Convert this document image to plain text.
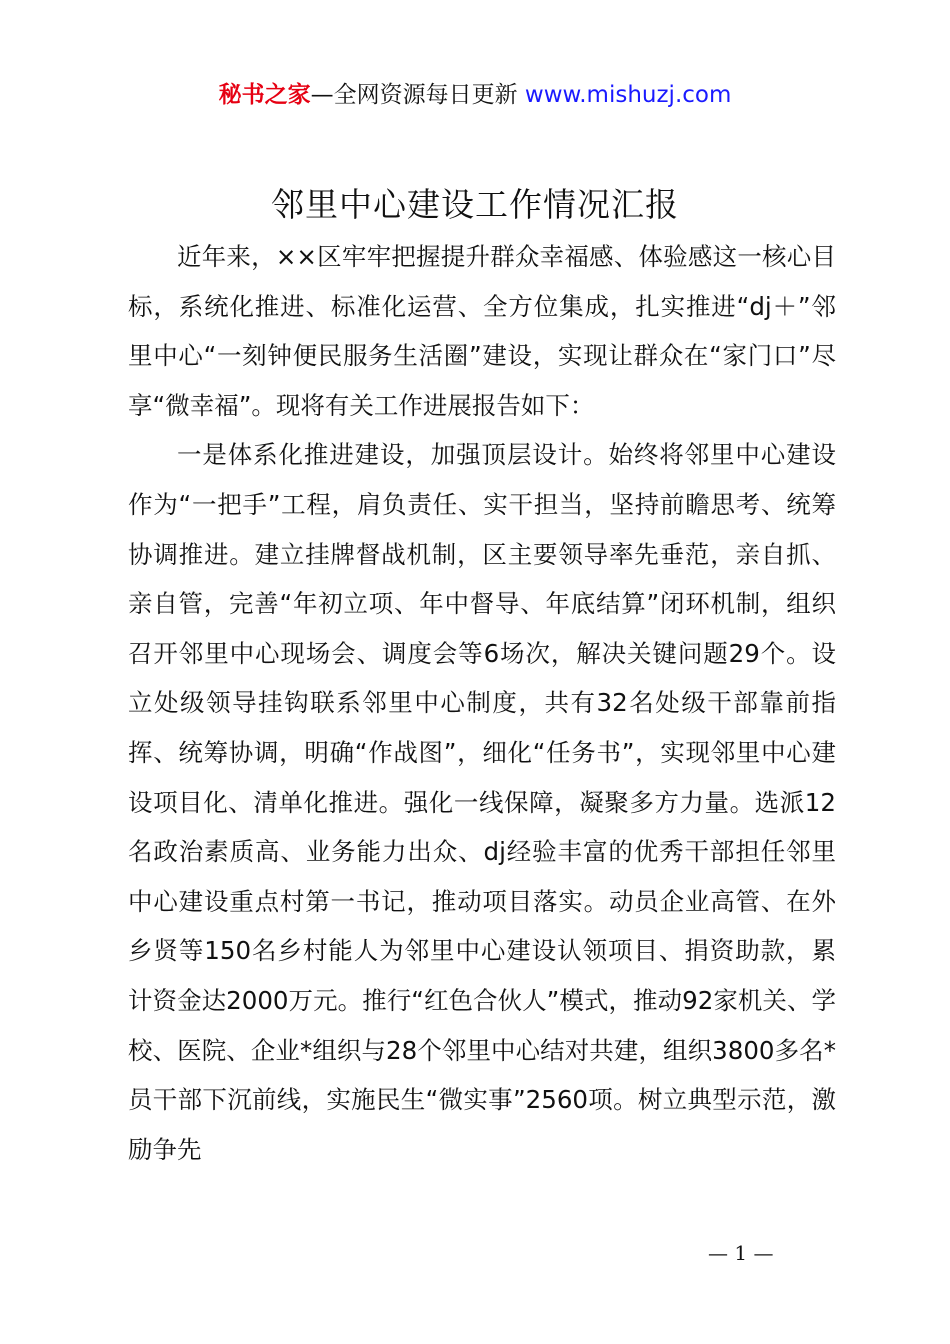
秘书之家—全网资源每日更新 www.mishuzj.com
邻里中心建设工作情况汇报

近年来，××区牢牢把握提升群众幸福感、体验感这一核心目标，系统化推进、标准化运营、全方位集成，扎实推进“dj＋”邻里中心“一刻钟便民服务生活圈”建设，实现让群众在“家门口”尽享“微幸福”。现将有关工作进展报告如下：

一是体系化推进建设，加强顶层设计。始终将邻里中心建设作为“一把手”工程，肩负责任、实干担当，坚持前瞻思考、统筹协调推进。建立挂牌督战机制，区主要领导率先垂范，亲自抓、亲自管，完善“年初立项、年中督导、年底结算”闭环机制，组织召开邻里中心现场会、调度会等6场次，解决关键问题29个。设立处级领导挂钩联系邻里中心制度，共有32名处级干部靠前指挥、统筹协调，明确“作战图”，细化“任务书”，实现邻里中心建设项目化、清单化推进。强化一线保障，凝聚多方力量。选派12名政治素质高、业务能力出众、dj经验丰富的优秀干部担任邻里中心建设重点村第一书记，推动项目落实。动员企业高管、在外乡贤等150名乡村能人为邻里中心建设认领项目、捐资助款，累计资金达2000万元。推行“红色合伙人”模式，推动92家机关、学校、医院、企业*组织与28个邻里中心结对共建，组织3800多名*员干部下沉前线，实施民生“微实事”2560项。树立典型示范，激励争先

— 1 —
